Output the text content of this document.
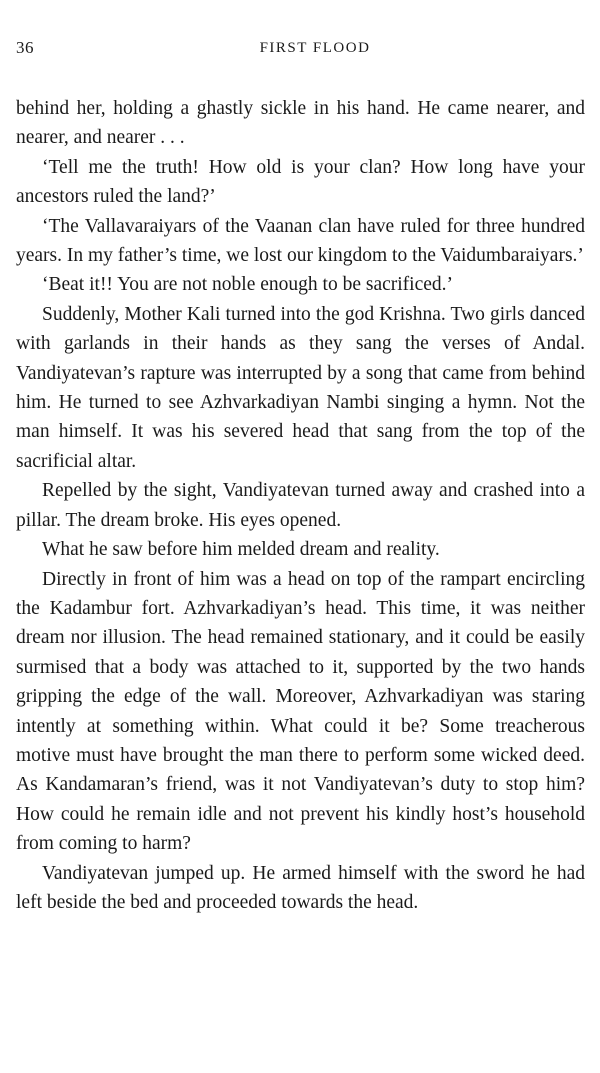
36	FIRST FLOOD

behind her, holding a ghastly sickle in his hand. He came nearer, and nearer, and nearer . . .

‘Tell me the truth! How old is your clan? How long have your ancestors ruled the land?’

‘The Vallavaraiyars of the Vaanan clan have ruled for three hundred years. In my father’s time, we lost our kingdom to the Vaidumbaraiyars.’

‘Beat it!! You are not noble enough to be sacrificed.’

Suddenly, Mother Kali turned into the god Krishna. Two girls danced with garlands in their hands as they sang the verses of Andal. Vandiyatevan’s rapture was interrupted by a song that came from behind him. He turned to see Azhvarkadiyan Nambi singing a hymn. Not the man himself. It was his severed head that sang from the top of the sacrificial altar.

Repelled by the sight, Vandiyatevan turned away and crashed into a pillar. The dream broke. His eyes opened.

What he saw before him melded dream and reality.

Directly in front of him was a head on top of the rampart encircling the Kadambur fort. Azhvarkadiyan’s head. This time, it was neither dream nor illusion. The head remained stationary, and it could be easily surmised that a body was attached to it, supported by the two hands gripping the edge of the wall. Moreover, Azhvarkadiyan was staring intently at something within. What could it be? Some treacherous motive must have brought the man there to perform some wicked deed. As Kandamaran’s friend, was it not Vandiyatevan’s duty to stop him? How could he remain idle and not prevent his kindly host’s household from coming to harm?

Vandiyatevan jumped up. He armed himself with the sword he had left beside the bed and proceeded towards the head.
